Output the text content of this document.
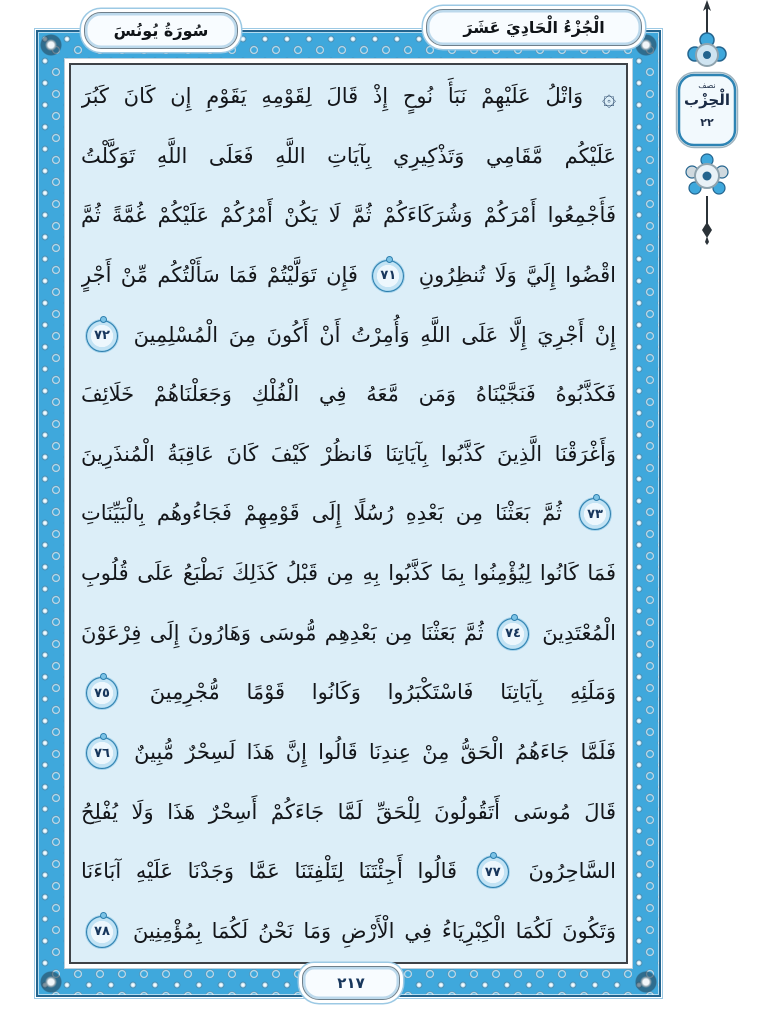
۞ وَاتْلُ عَلَيْهِمْ نَبَأَ نُوحٍ إِذْ قَالَ لِقَوْمِهِ يَقَوْمِ إِن كَانَ كَبُرَ
عَلَيْكُم مَّقَامِي وَتَذْكِيرِي بِآيَاتِ اللَّهِ فَعَلَى اللَّهِ تَوَكَّلْتُ
فَأَجْمِعُوا أَمْرَكُمْ وَشُرَكَاءَكُمْ ثُمَّ لَا يَكُنْ أَمْرُكُمْ عَلَيْكُمْ غُمَّةً ثُمَّ
اقْضُوا إِلَيَّ وَلَا تُنظِرُونِ ٧١ فَإِن تَوَلَّيْتُمْ فَمَا سَأَلْتُكُم مِّنْ أَجْرٍ
إِنْ أَجْرِيَ إِلَّا عَلَى اللَّهِ وَأُمِرْتُ أَنْ أَكُونَ مِنَ الْمُسْلِمِينَ ٧٢
فَكَذَّبُوهُ فَنَجَّيْنَاهُ وَمَن مَّعَهُ فِي الْفُلْكِ وَجَعَلْنَاهُمْ خَلَائِفَ
وَأَغْرَقْنَا الَّذِينَ كَذَّبُوا بِآيَاتِنَا فَانظُرْ كَيْفَ كَانَ عَاقِبَةُ الْمُنذَرِينَ
٧٣ ثُمَّ بَعَثْنَا مِن بَعْدِهِ رُسُلًا إِلَى قَوْمِهِمْ فَجَاءُوهُم بِالْبَيِّنَاتِ
فَمَا كَانُوا لِيُؤْمِنُوا بِمَا كَذَّبُوا بِهِ مِن قَبْلُ كَذَلِكَ نَطْبَعُ عَلَى قُلُوبِ
الْمُعْتَدِينَ ٧٤ ثُمَّ بَعَثْنَا مِن بَعْدِهِم مُّوسَى وَهَارُونَ إِلَى فِرْعَوْنَ
وَمَلَئِهِ بِآيَاتِنَا فَاسْتَكْبَرُوا وَكَانُوا قَوْمًا مُّجْرِمِينَ ٧٥
فَلَمَّا جَاءَهُمُ الْحَقُّ مِنْ عِندِنَا قَالُوا إِنَّ هَذَا لَسِحْرٌ مُّبِينٌ ٧٦
قَالَ مُوسَى أَتَقُولُونَ لِلْحَقِّ لَمَّا جَاءَكُمْ أَسِحْرٌ هَذَا وَلَا يُفْلِحُ
السَّاحِرُونَ ٧٧ قَالُوا أَجِئْتَنَا لِتَلْفِتَنَا عَمَّا وَجَدْنَا عَلَيْهِ آبَاءَنَا
وَتَكُونَ لَكُمَا الْكِبْرِيَاءُ فِي الْأَرْضِ وَمَا نَحْنُ لَكُمَا بِمُؤْمِنِينَ ٧٨
الْجُزْءُ الْحَادِيَ عَشَرَ
سُورَةُ يُونُسَ
نصف
الْحِزْب
٢٢
٢١٧
